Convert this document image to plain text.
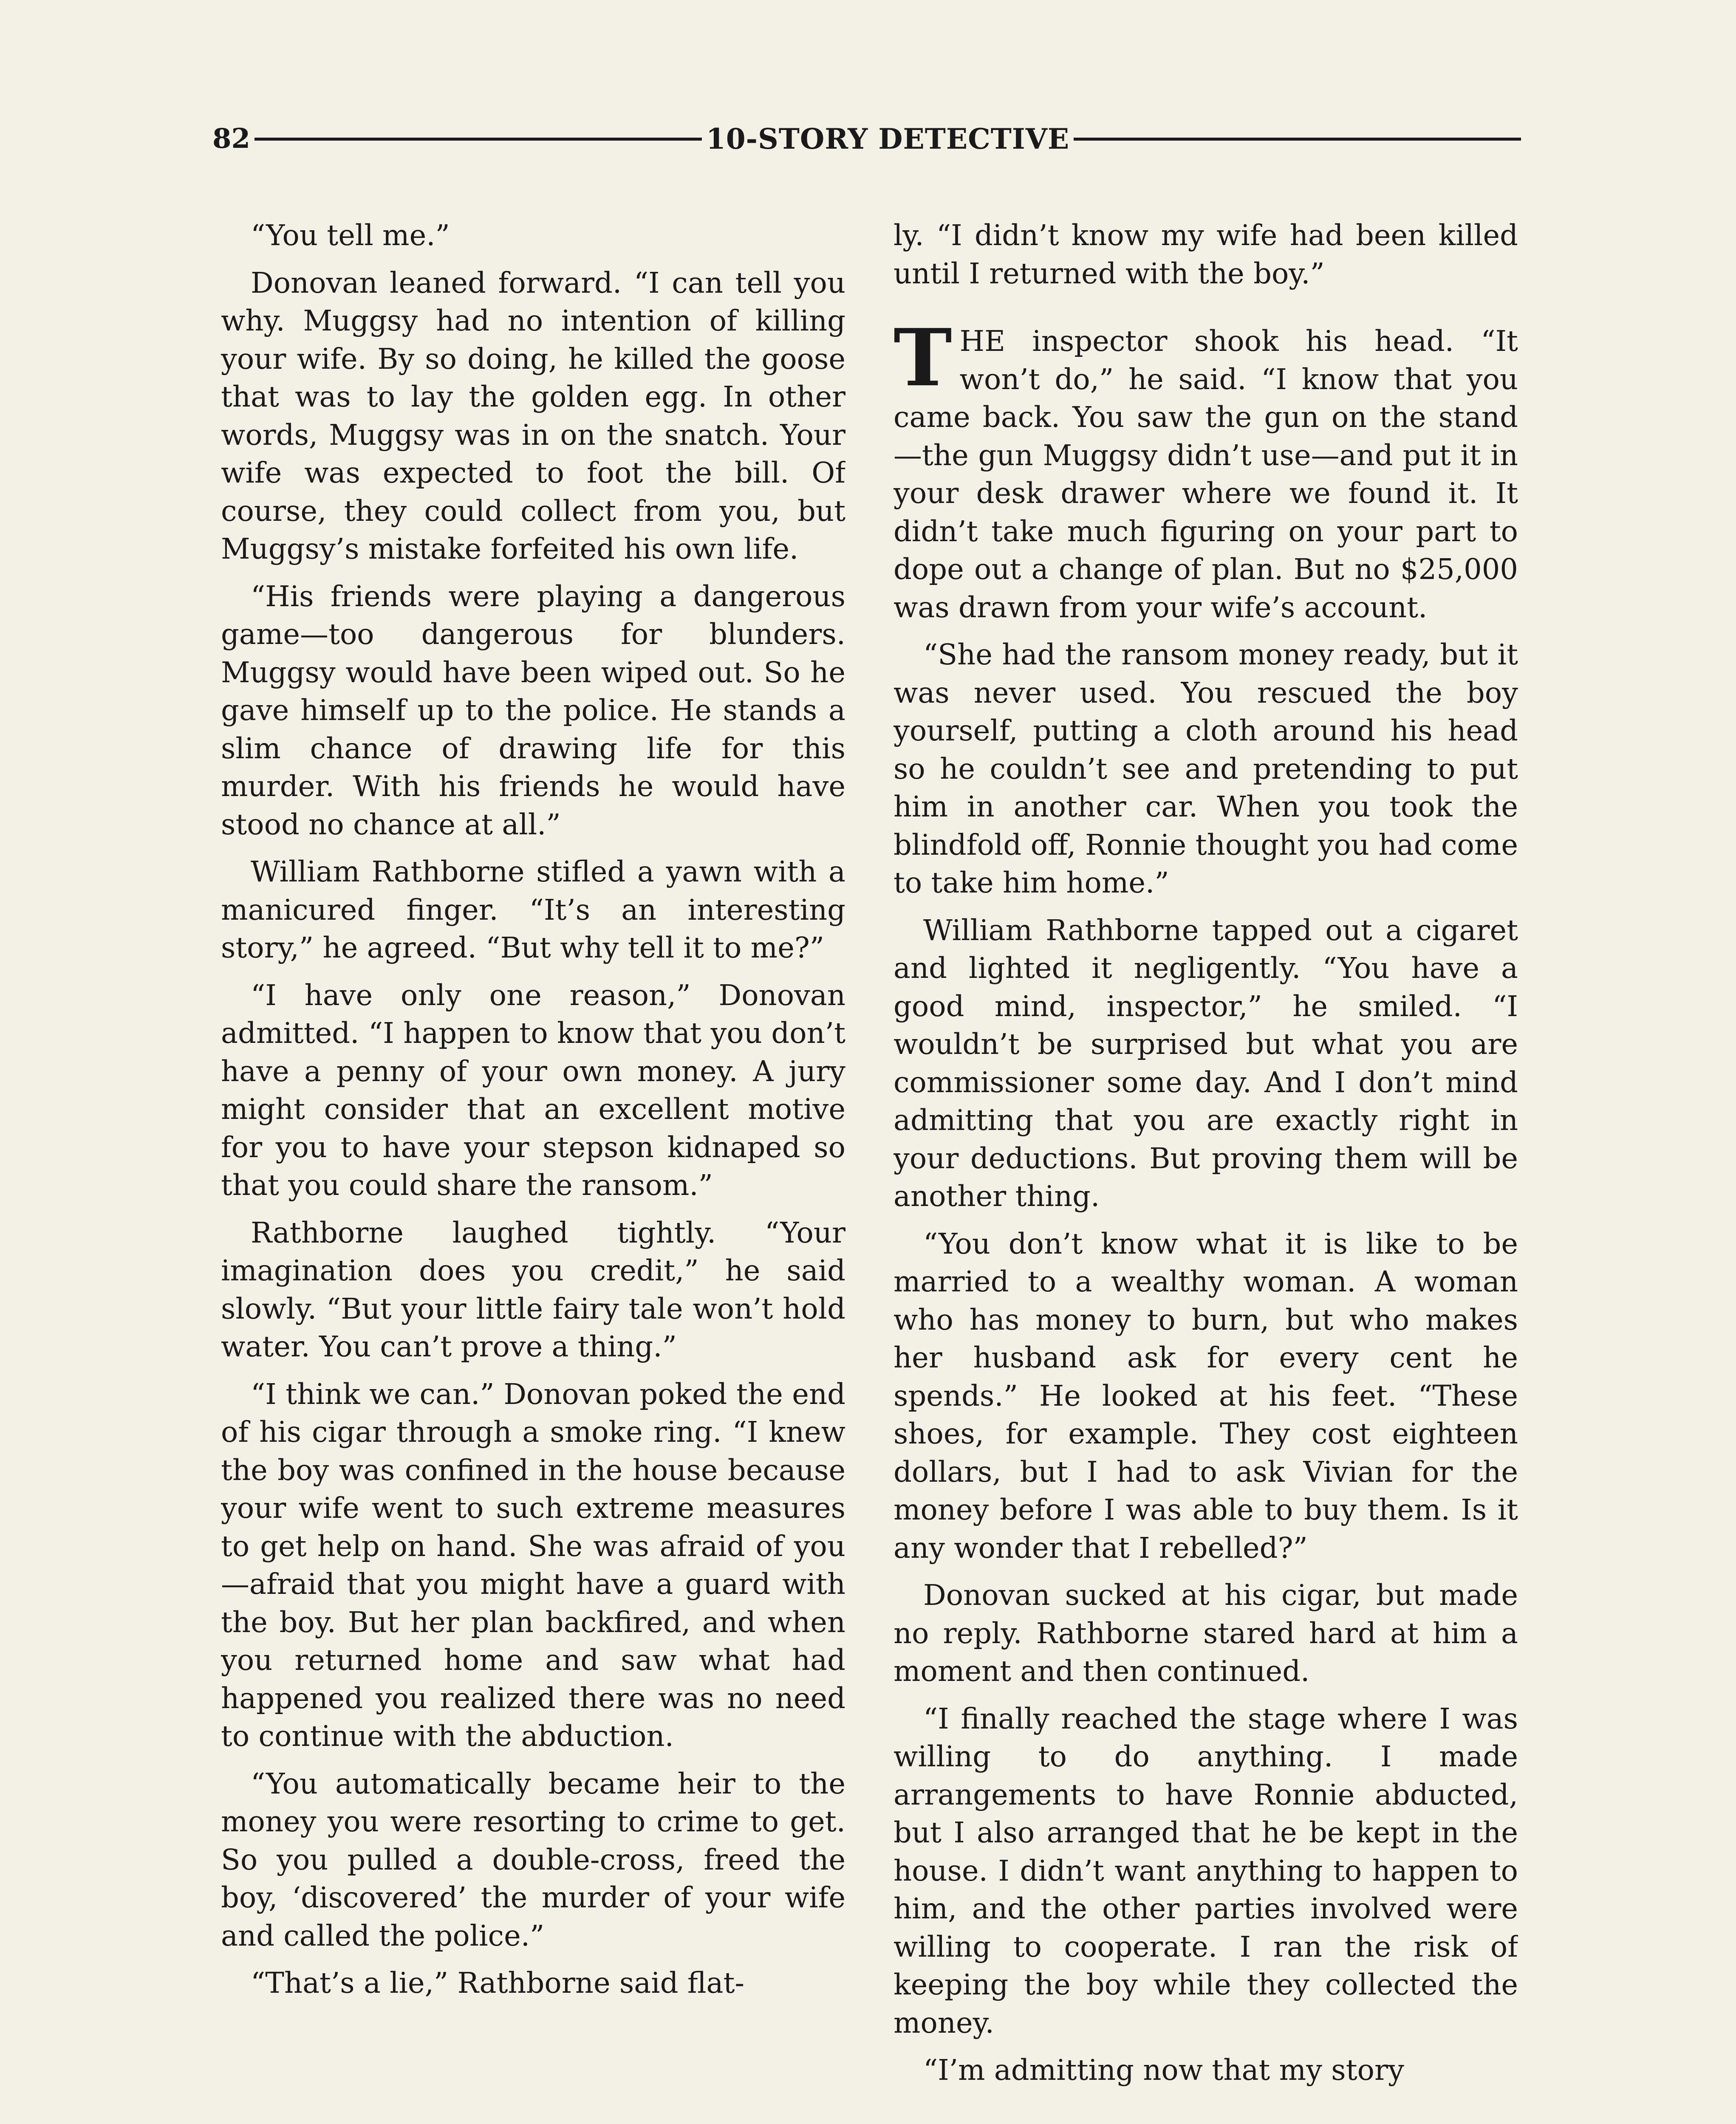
82	10-STORY DETECTIVE

“You tell me.”

Donovan leaned forward. “I can tell you why. Muggsy had no intention of killing your wife. By so doing, he killed the goose that was to lay the golden egg. In other words, Muggsy was in on the snatch. Your wife was expected to foot the bill. Of course, they could collect from you, but Muggsy’s mistake forfeited his own life.

“His friends were playing a dangerous game—too dangerous for blunders. Muggsy would have been wiped out. So he gave himself up to the police. He stands a slim chance of drawing life for this murder. With his friends he would have stood no chance at all.”

William Rathborne stifled a yawn with a manicured finger. “It’s an interesting story,” he agreed. “But why tell it to me?”

“I have only one reason,” Donovan admitted. “I happen to know that you don’t have a penny of your own money. A jury might consider that an excellent motive for you to have your stepson kidnaped so that you could share the ransom.”

Rathborne laughed tightly. “Your imagination does you credit,” he said slowly. “But your little fairy tale won’t hold water. You can’t prove a thing.”

“I think we can.” Donovan poked the end of his cigar through a smoke ring. “I knew the boy was confined in the house because your wife went to such extreme measures to get help on hand. She was afraid of you—afraid that you might have a guard with the boy. But her plan backfired, and when you returned home and saw what had happened you realized there was no need to continue with the abduction.

“You automatically became heir to the money you were resorting to crime to get. So you pulled a double-cross, freed the boy, ‘discovered’ the murder of your wife and called the police.”

“That’s a lie,” Rathborne said flat-

ly. “I didn’t know my wife had been killed until I returned with the boy.”

THE inspector shook his head. “It won’t do,” he said. “I know that you came back. You saw the gun on the stand—the gun Muggsy didn’t use—and put it in your desk drawer where we found it. It didn’t take much figuring on your part to dope out a change of plan. But no $25,000 was drawn from your wife’s account.

“She had the ransom money ready, but it was never used. You rescued the boy yourself, putting a cloth around his head so he couldn’t see and pretending to put him in another car. When you took the blindfold off, Ronnie thought you had come to take him home.”

William Rathborne tapped out a cigaret and lighted it negligently. “You have a good mind, inspector,” he smiled. “I wouldn’t be surprised but what you are commissioner some day. And I don’t mind admitting that you are exactly right in your deductions. But proving them will be another thing.

“You don’t know what it is like to be married to a wealthy woman. A woman who has money to burn, but who makes her husband ask for every cent he spends.” He looked at his feet. “These shoes, for example. They cost eighteen dollars, but I had to ask Vivian for the money before I was able to buy them. Is it any wonder that I rebelled?”

Donovan sucked at his cigar, but made no reply. Rathborne stared hard at him a moment and then continued.

“I finally reached the stage where I was willing to do anything. I made arrangements to have Ronnie abducted, but I also arranged that he be kept in the house. I didn’t want anything to happen to him, and the other parties involved were willing to cooperate. I ran the risk of keeping the boy while they collected the money.

“I’m admitting now that my story
